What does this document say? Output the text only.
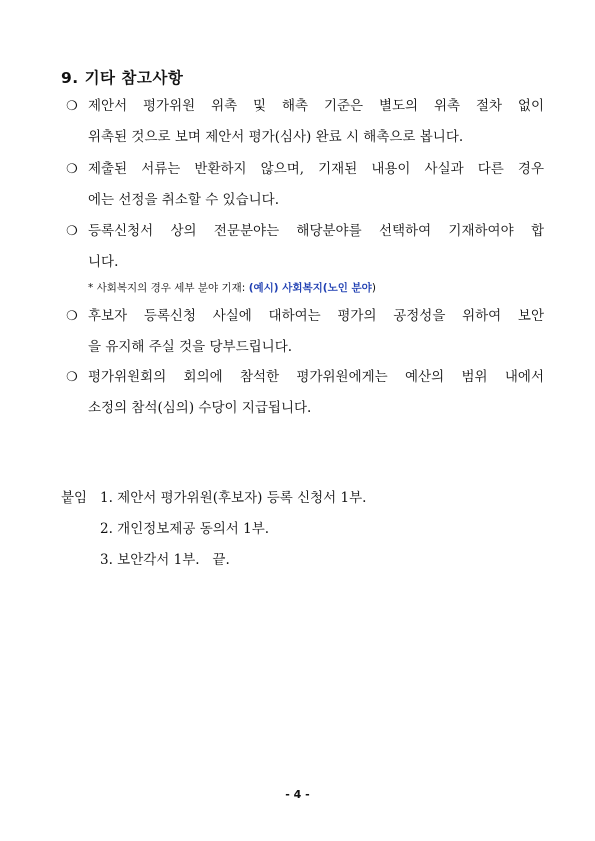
9. 기타 참고사항
❍ 제안서 평가위원 위촉 및 해촉 기준은 별도의 위촉 절차 없이
위촉된 것으로 보며 제안서 평가(심사) 완료 시 해촉으로 봅니다.
❍ 제출된 서류는 반환하지 않으며, 기재된 내용이 사실과 다른 경우
에는 선정을 취소할 수 있습니다.
❍ 등록신청서 상의 전문분야는 해당분야를 선택하여 기재하여야 합
니다.
* 사회복지의 경우 세부 분야 기재: (예시) 사회복지(노인 분야)
❍ 후보자 등록신청 사실에 대하여는 평가의 공정성을 위하여 보안
을 유지해 주실 것을 당부드립니다.
❍ 평가위원회의 회의에 참석한 평가위원에게는 예산의 범위 내에서
소정의 참석(심의) 수당이 지급됩니다.
붙임 1. 제안서 평가위원(후보자) 등록 신청서 1부.
2. 개인정보제공 동의서 1부.
3. 보안각서 1부.   끝.
- 4 -
